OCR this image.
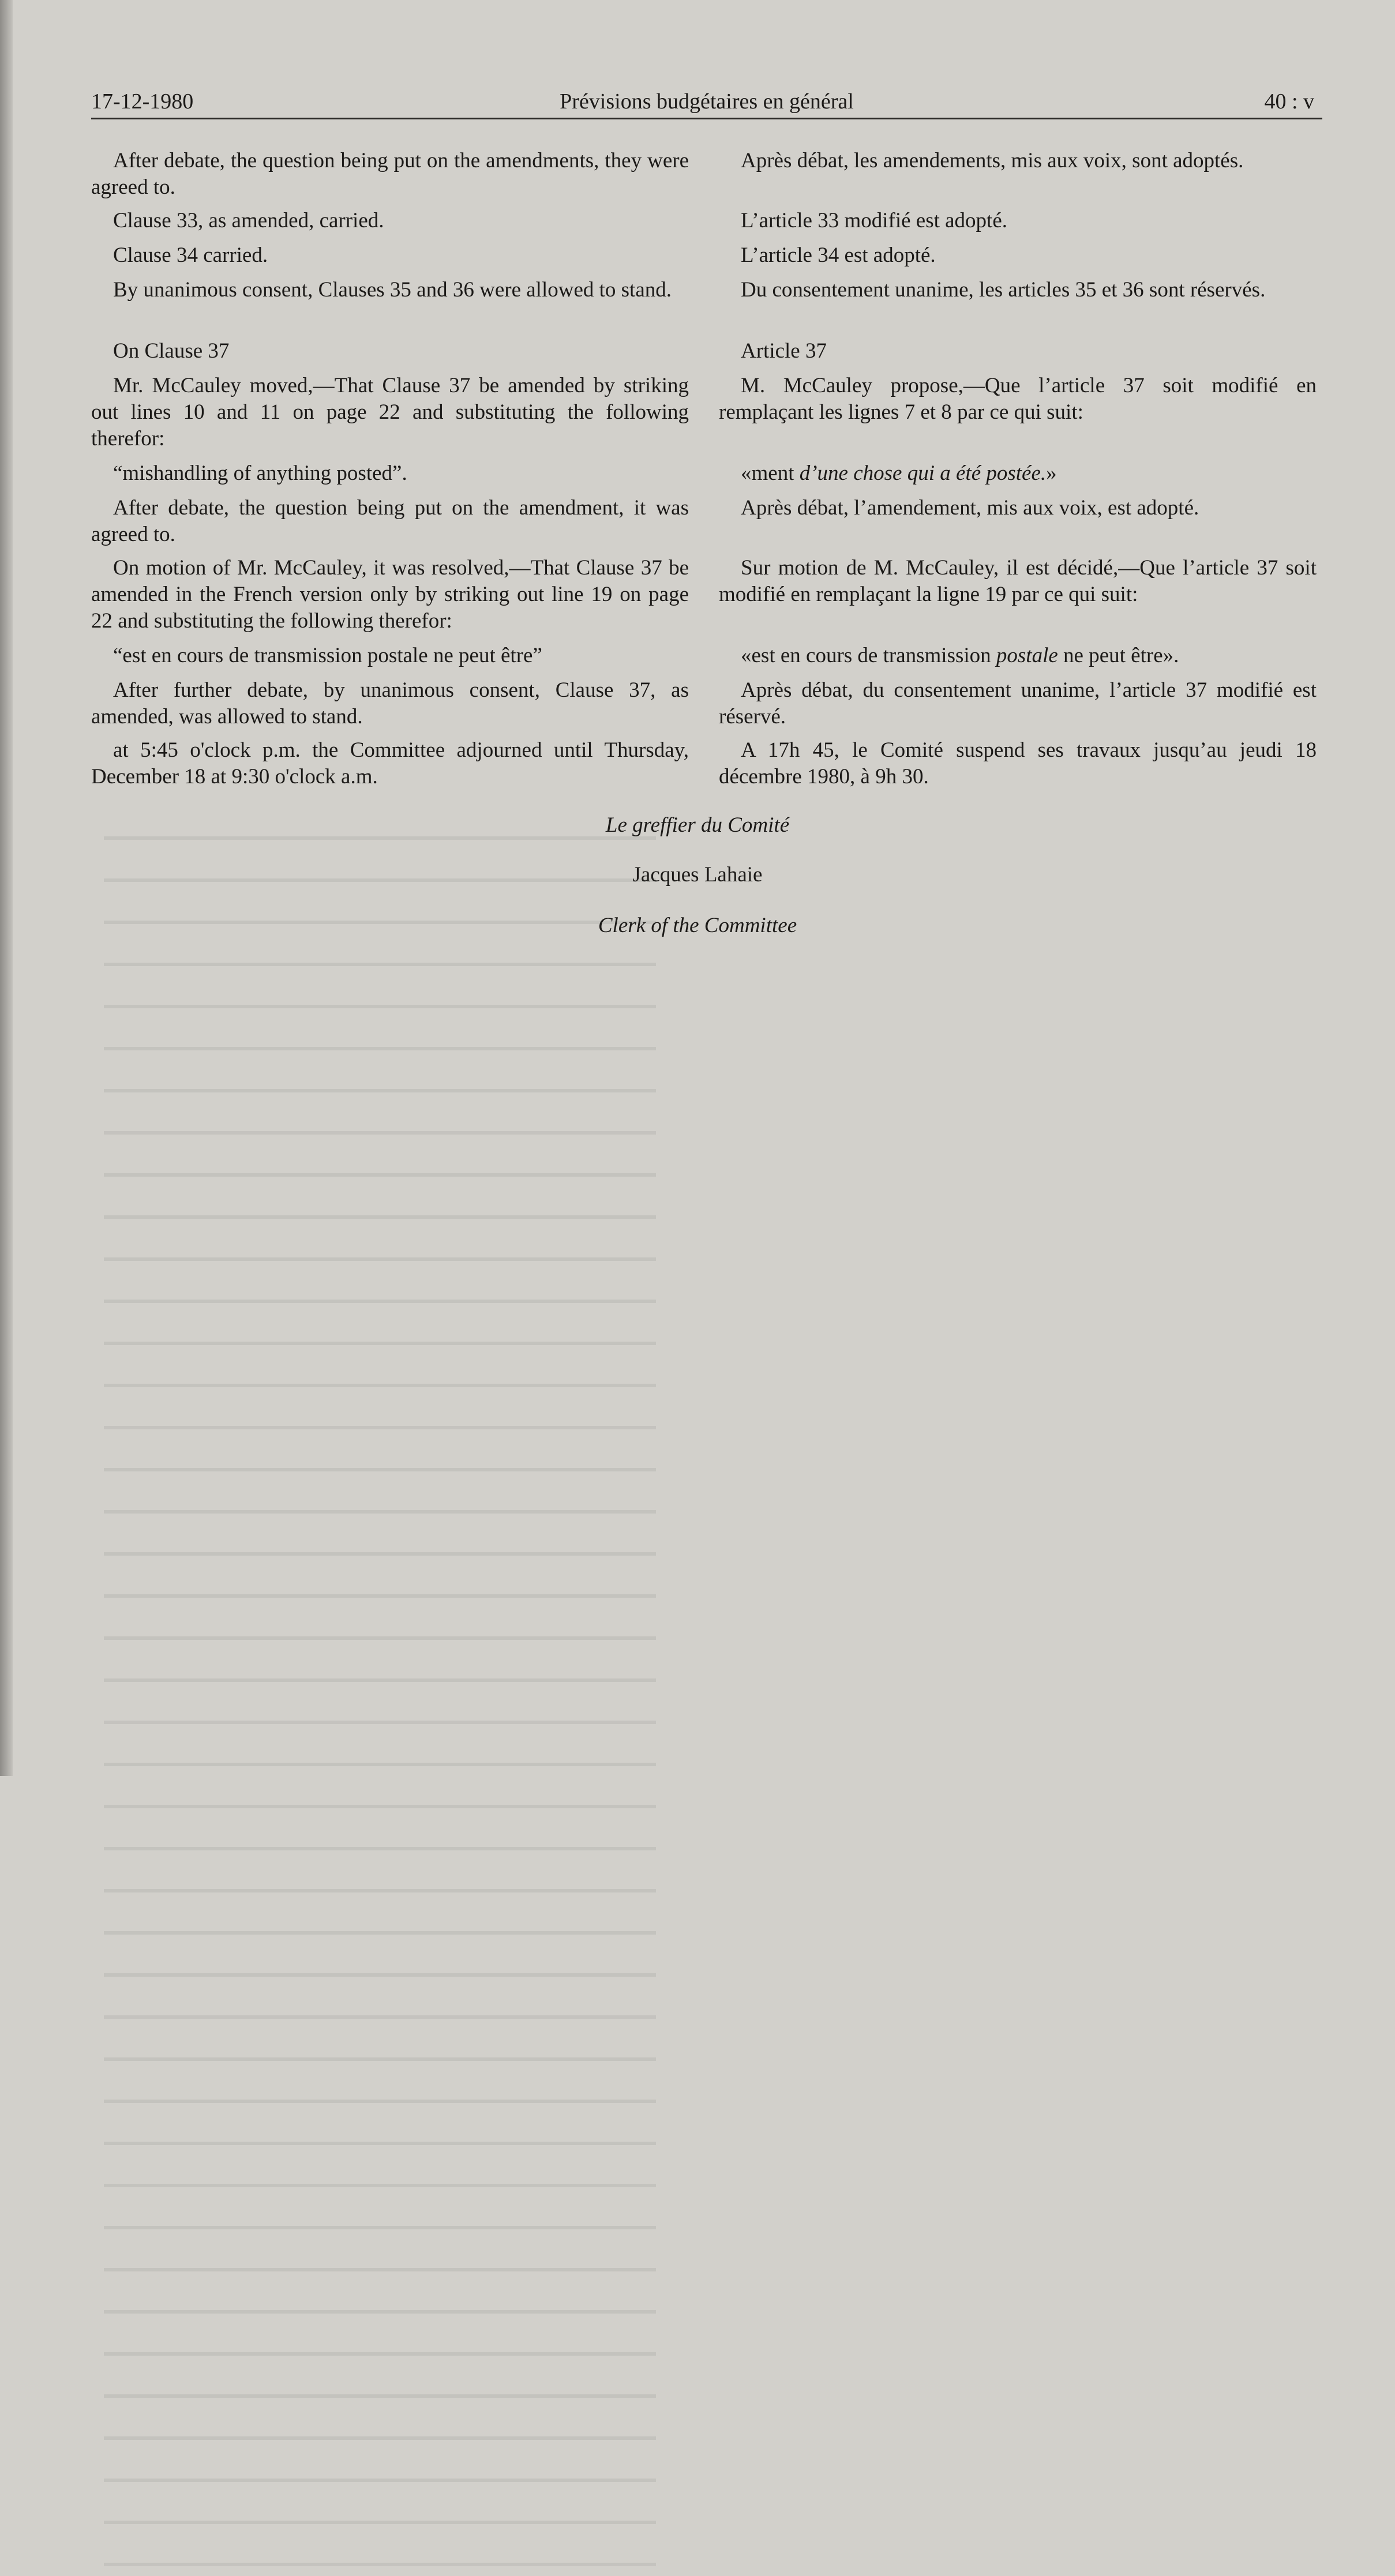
17-12-1980	Prévisions budgétaires en général	40 : v

After debate, the question being put on the amendments, they were agreed to.

Clause 33, as amended, carried.

Clause 34 carried.

By unanimous consent, Clauses 35 and 36 were allowed to stand.

On Clause 37

Mr. McCauley moved,—That Clause 37 be amended by striking out lines 10 and 11 on page 22 and substituting the following therefor:

“mishandling of anything posted”.

After debate, the question being put on the amendment, it was agreed to.

On motion of Mr. McCauley, it was resolved,—That Clause 37 be amended in the French version only by striking out line 19 on page 22 and substituting the following therefor:

“est en cours de transmission postale ne peut être”

After further debate, by unanimous consent, Clause 37, as amended, was allowed to stand.

at 5:45 o'clock p.m. the Committee adjourned until Thursday, December 18 at 9:30 o'clock a.m.

Après débat, les amendements, mis aux voix, sont adoptés.

L’article 33 modifié est adopté.

L’article 34 est adopté.

Du consentement unanime, les articles 35 et 36 sont réservés.

Article 37

M. McCauley propose,—Que l’article 37 soit modifié en remplaçant les lignes 7 et 8 par ce qui suit:

«ment d’une chose qui a été postée.»

Après débat, l’amendement, mis aux voix, est adopté.

Sur motion de M. McCauley, il est décidé,—Que l’article 37 soit modifié en remplaçant la ligne 19 par ce qui suit:

«est en cours de transmission postale ne peut être».

Après débat, du consentement unanime, l’article 37 modifié est réservé.

A 17h 45, le Comité suspend ses travaux jusqu’au jeudi 18 décembre 1980, à 9h 30.

Le greffier du Comité
Jacques Lahaie
Clerk of the Committee
